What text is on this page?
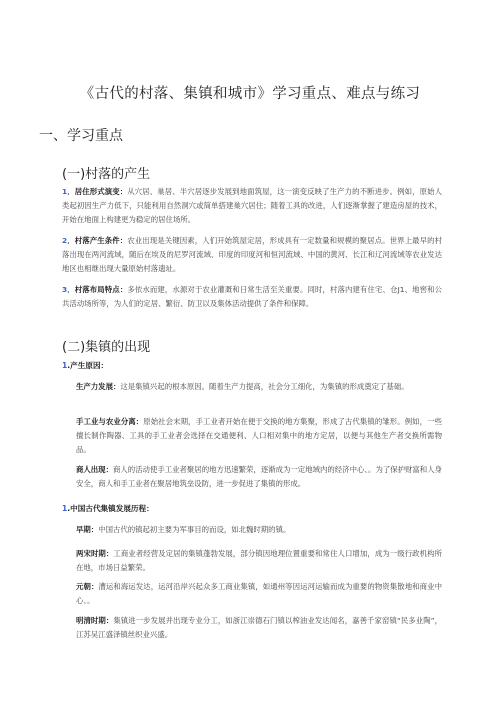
《古代的村落、集镇和城市》学习重点、难点与练习
一、学习重点
(一)村落的产生
1．居住形式演变：从穴居、巢居、半穴居逐步发展到地面筑屋，这一演变反映了生产力的不断进步。例如，原始人类起初因生产力低下，只能利用自然洞穴或简单搭建巢穴居住；随着工具的改进，人们逐渐掌握了建造房屋的技术，开始在地面上构建更为稳定的居住场所。
2．村落产生条件：农业出现是关键因素，人们开始筑屋定居，形成具有一定数量和规模的聚居点。世界上最早的村落出现在两河流域，随后在埃及的尼罗河流域、印度的印度河和恒河流域、中国的黄河、长江和辽河流域等农业发达地区也相继出现大量原始村落遗址。
3．村落布局特点：多依水而建，水源对于农业灌溉和日常生活至关重要。同时，村落内建有住宅、仓J1、地窖和公共活动场所等，为人们的定居、繁衍、防卫以及集体活动提供了条件和保障。
(二)集镇的出现
1.产生原因：
生产力发展：这是集镇兴起的根本原因。随着生产力提高，社会分工细化，为集镇的形成奠定了基础。
手工业与农业分离：原始社会末期，手工业者开始在便于交换的地方集聚，形成了古代集镇的雏形。例如，一些擅长制作陶器、工具的手工业者会选择在交通便利、人口相对集中的地方定居，以便与其他生产者交换所需物品。
商人出现：商人的活动使手工业者聚居的地方迅速繁荣，逐渐成为一定地域内的经济中心、。为了保护财富和人身安全，商人和手工业者在聚居地筑垒设防，进一步促进了集镇的形成。
1.中国古代集镇发展历程：
早期：中国古代的镇起初主要为军事目的而设，如北魏时期的镇。
两宋时期：工商业者经营及定居的集镇蓬勃发展，部分镇因地理位置重要和常住人口增加，成为一级行政机构所在地，市场日益繁荣。
元朝：漕运和海运发达，运河沿岸兴起众多工商业集镇，如通州等因运河运输而成为重要的物资集散地和商业中心、。
明清时期：集镇进一步发展并出现专业分工，如浙江崇德石门镇以榨油业发达闻名，嘉善千家窑镇“民多业陶”，江苏吴江盛泽镇丝织业兴盛。
